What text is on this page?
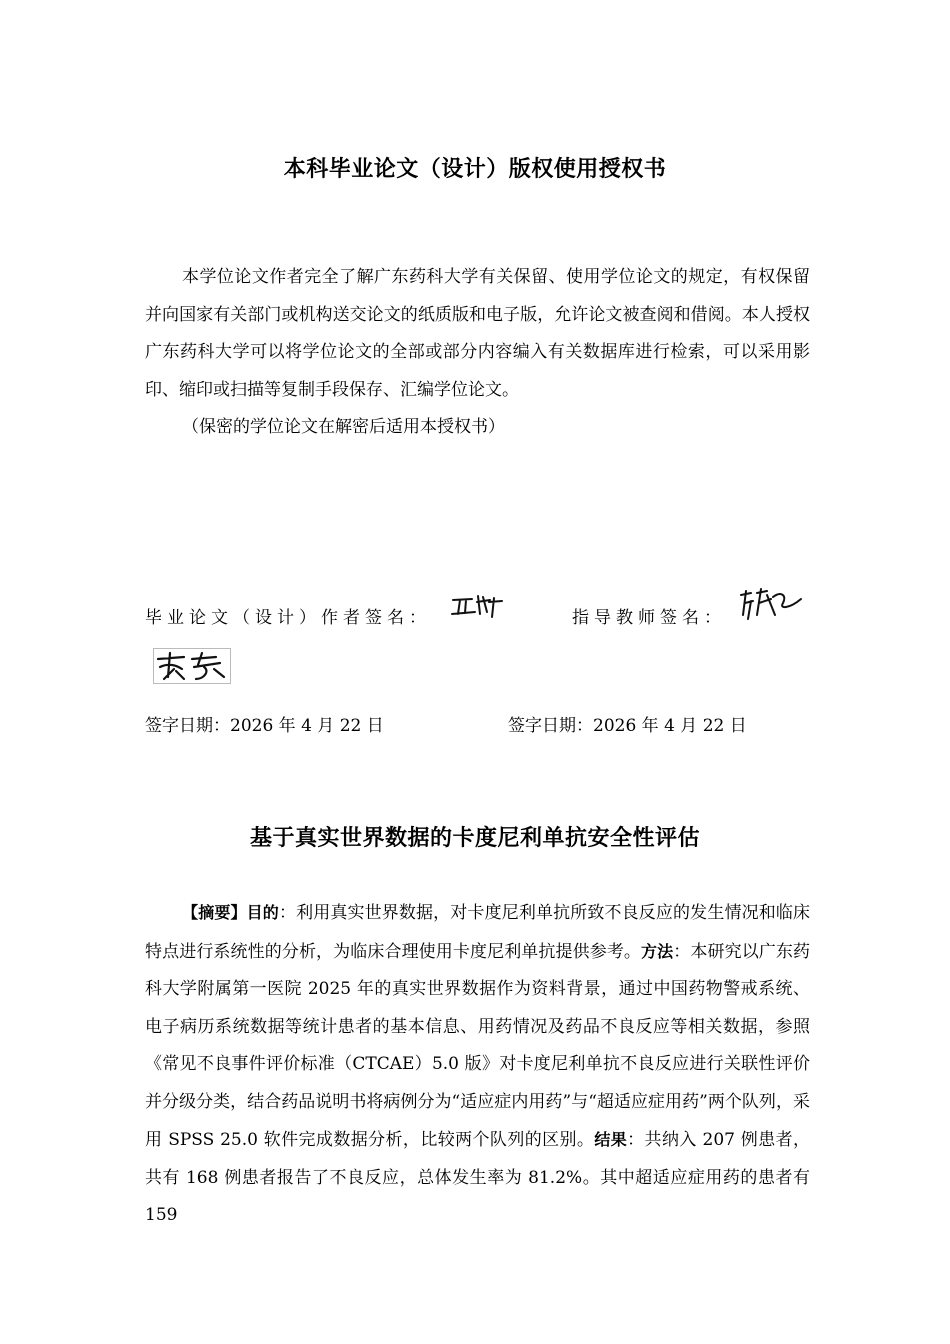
本科毕业论文（设计）版权使用授权书
本学位论文作者完全了解广东药科大学有关保留、使用学位论文的规定，有权保留并向国家有关部门或机构送交论文的纸质版和电子版，允许论文被查阅和借阅。本人授权广东药科大学可以将学位论文的全部或部分内容编入有关数据库进行检索，可以采用影印、缩印或扫描等复制手段保存、汇编学位论文。
（保密的学位论文在解密后适用本授权书）
毕业论文（设计）作者签名：	指导教师签名：
签字日期：2026 年 4 月 22 日	签字日期：2026 年 4 月 22 日
基于真实世界数据的卡度尼利单抗安全性评估
【摘要】目的：利用真实世界数据，对卡度尼利单抗所致不良反应的发生情况和临床特点进行系统性的分析，为临床合理使用卡度尼利单抗提供参考。方法：本研究以广东药科大学附属第一医院 2025 年的真实世界数据作为资料背景，通过中国药物警戒系统、电子病历系统数据等统计患者的基本信息、用药情况及药品不良反应等相关数据，参照《常见不良事件评价标准（CTCAE）5.0 版》对卡度尼利单抗不良反应进行关联性评价并分级分类，结合药品说明书将病例分为“适应症内用药”与“超适应症用药”两个队列，采用 SPSS 25.0 软件完成数据分析，比较两个队列的区别。结果：共纳入 207 例患者，共有 168 例患者报告了不良反应，总体发生率为 81.2%。其中超适应症用药的患者有 159
